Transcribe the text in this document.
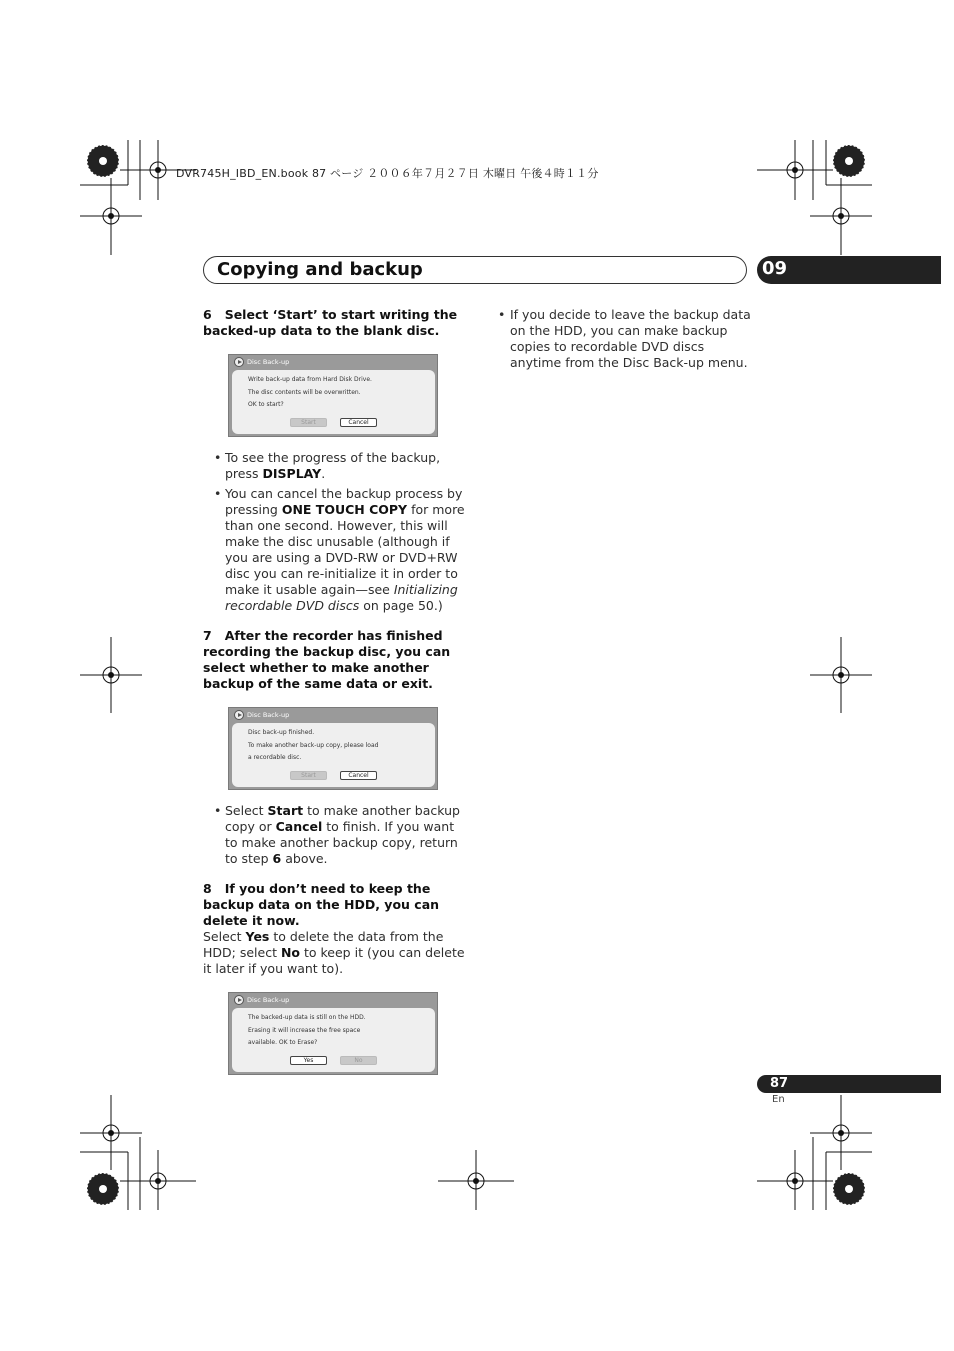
DVR745H_IBD_EN.book 87 ページ ２００６年７月２７日 木曜日 午後４時１１分
Copying and backup	09

6 Select ‘Start’ to start writing the backed-up data to the blank disc.

Disc Back-up
Write back-up data from Hard Disk Drive.
The disc contents will be overwritten.
OK to start?
Start	Cancel
• To see the progress of the backup, press DISPLAY.
• You can cancel the backup process by pressing ONE TOUCH COPY for more than one second. However, this will make the disc unusable (although if you are using a DVD-RW or DVD+RW disc you can re-initialize it in order to make it usable again—see Initializing recordable DVD discs on page 50.)

7 After the recorder has finished recording the backup disc, you can select whether to make another backup of the same data or exit.

Disc Back-up
Disc back-up finished.
To make another back-up copy, please load
a recordable disc.
Start	Cancel
• Select Start to make another backup copy or Cancel to finish. If you want to make another backup copy, return to step 6 above.

8 If you don’t need to keep the backup data on the HDD, you can delete it now.

Select Yes to delete the data from the HDD; select No to keep it (you can delete it later if you want to).

Disc Back-up
The backed-up data is still on the HDD.
Erasing it will increase the free space
available. OK to Erase?
Yes	No
• If you decide to leave the backup data on the HDD, you can make backup copies to recordable DVD discs anytime from the Disc Back-up menu.
87
En
